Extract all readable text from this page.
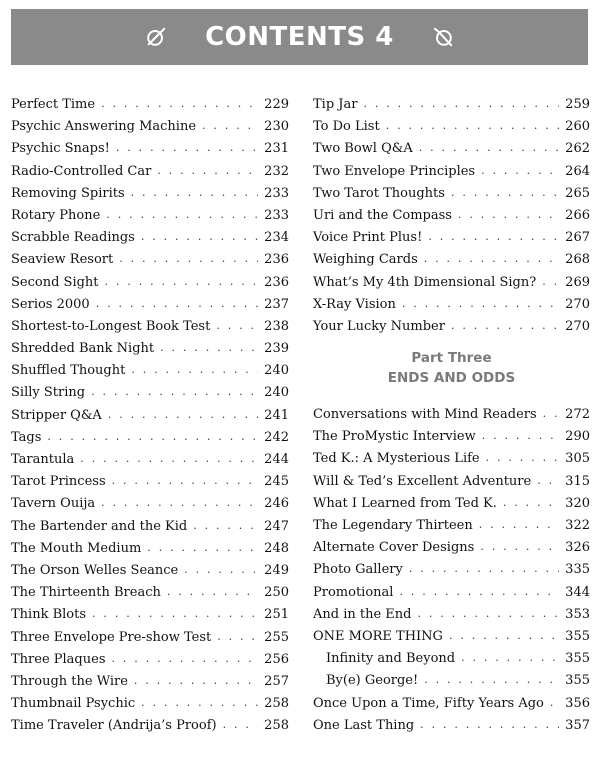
CONTENTS 4
Perfect Time . . .	229
Psychic Answering Machine . . .	230
Psychic Snaps! . . .	231
Radio-Controlled Car . . .	232
Removing Spirits . . .	233
Rotary Phone . . .	233
Scrabble Readings . . .	234
Seaview Resort . . .	236
Second Sight . . .	236
Serios 2000 . . .	237
Shortest-to-Longest Book Test . . .	238
Shredded Bank Night . . .	239
Shuffled Thought . . .	240
Silly String . . .	240
Stripper Q&A . . .	241
Tags . . .	242
Tarantula . . .	244
Tarot Princess . . .	245
Tavern Ouija . . .	246
The Bartender and the Kid . . .	247
The Mouth Medium . . .	248
The Orson Welles Seance . . .	249
The Thirteenth Breach . . .	250
Think Blots . . .	251
Three Envelope Pre-show Test . . .	255
Three Plaques . . .	256
Through the Wire . . .	257
Thumbnail Psychic . . .	258
Time Traveler (Andrija’s Proof) . . .	258
Tip Jar . . .	259
To Do List . . .	260
Two Bowl Q&A . . .	262
Two Envelope Principles . . .	264
Two Tarot Thoughts . . .	265
Uri and the Compass . . .	266
Voice Print Plus! . . .	267
Weighing Cards . . .	268
What’s My 4th Dimensional Sign? . . . 269
X-Ray Vision . . .	270
Your Lucky Number . . .	270
Part Three
ENDS AND ODDS
Conversations with Mind Readers . . . 272
The ProMystic Interview . . .	290
Ted K.: A Mysterious Life . . .	305
Will & Ted’s Excellent Adventure . . .	315
What I Learned from Ted K. . . .	320
The Legendary Thirteen . . .	322
Alternate Cover Designs . . .	326
Photo Gallery . . .	335
Promotional . . .	344
And in the End . . .	353
ONE MORE THING . . .	355
Infinity and Beyond . . .	355
By(e) George! . . .	355
Once Upon a Time, Fifty Years Ago . . . 356
One Last Thing . . .	357
